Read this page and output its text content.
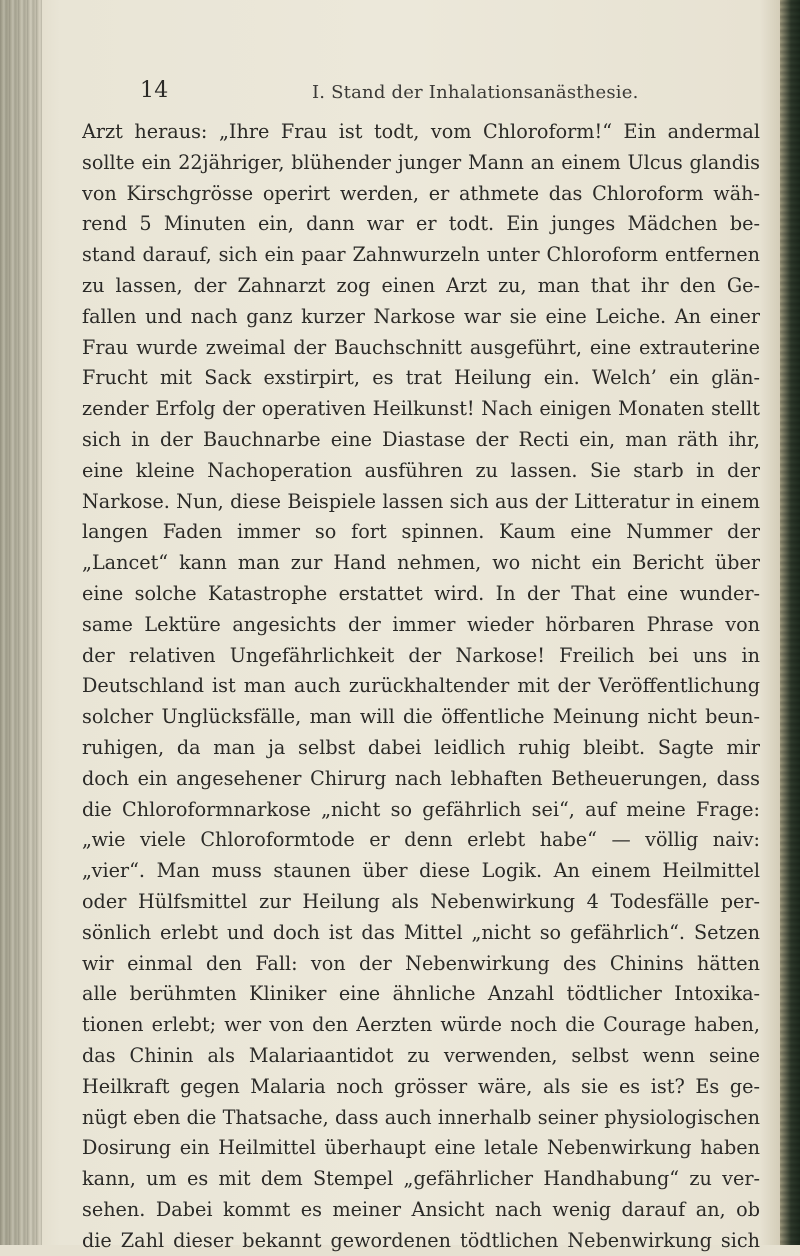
14	I. Stand der Inhalationsanästhesie.
Arzt heraus: „Ihre Frau ist todt, vom Chloroform!“ Ein andermal
sollte ein 22jähriger, blühender junger Mann an einem Ulcus glandis
von Kirschgrösse operirt werden, er athmete das Chloroform wäh-
rend 5 Minuten ein, dann war er todt. Ein junges Mädchen be-
stand darauf, sich ein paar Zahnwurzeln unter Chloroform entfernen
zu lassen, der Zahnarzt zog einen Arzt zu, man that ihr den Ge-
fallen und nach ganz kurzer Narkose war sie eine Leiche. An einer
Frau wurde zweimal der Bauchschnitt ausgeführt, eine extrauterine
Frucht mit Sack exstirpirt, es trat Heilung ein. Welch’ ein glän-
zender Erfolg der operativen Heilkunst! Nach einigen Monaten stellt
sich in der Bauchnarbe eine Diastase der Recti ein, man räth ihr,
eine kleine Nachoperation ausführen zu lassen. Sie starb in der
Narkose. Nun, diese Beispiele lassen sich aus der Litteratur in einem
langen Faden immer so fort spinnen. Kaum eine Nummer der
„Lancet“ kann man zur Hand nehmen, wo nicht ein Bericht über
eine solche Katastrophe erstattet wird. In der That eine wunder-
same Lektüre angesichts der immer wieder hörbaren Phrase von
der relativen Ungefährlichkeit der Narkose! Freilich bei uns in
Deutschland ist man auch zurückhaltender mit der Veröffentlichung
solcher Unglücksfälle, man will die öffentliche Meinung nicht beun-
ruhigen, da man ja selbst dabei leidlich ruhig bleibt. Sagte mir
doch ein angesehener Chirurg nach lebhaften Betheuerungen, dass
die Chloroformnarkose „nicht so gefährlich sei“, auf meine Frage:
„wie viele Chloroformtode er denn erlebt habe“ — völlig naiv:
„vier“. Man muss staunen über diese Logik. An einem Heilmittel
oder Hülfsmittel zur Heilung als Nebenwirkung 4 Todesfälle per-
sönlich erlebt und doch ist das Mittel „nicht so gefährlich“. Setzen
wir einmal den Fall: von der Nebenwirkung des Chinins hätten
alle berühmten Kliniker eine ähnliche Anzahl tödtlicher Intoxika-
tionen erlebt; wer von den Aerzten würde noch die Courage haben,
das Chinin als Malariaantidot zu verwenden, selbst wenn seine
Heilkraft gegen Malaria noch grösser wäre, als sie es ist? Es ge-
nügt eben die Thatsache, dass auch innerhalb seiner physiologischen
Dosirung ein Heilmittel überhaupt eine letale Nebenwirkung haben
kann, um es mit dem Stempel „gefährlicher Handhabung“ zu ver-
sehen. Dabei kommt es meiner Ansicht nach wenig darauf an, ob
die Zahl dieser bekannt gewordenen tödtlichen Nebenwirkung sich
